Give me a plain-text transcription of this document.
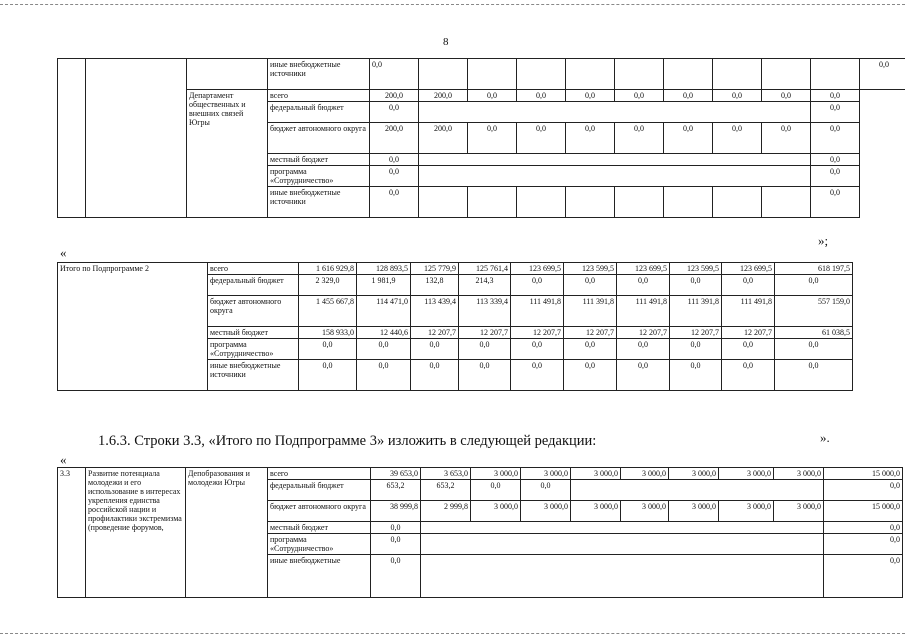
8
			иные внебюджетные источники	0,0										0,0
		Департамент общественных и внешних связей Югры	всего	200,0	200,0	0,0	0,0	0,0	0,0	0,0	0,0	0,0	0,0	
			федеральный бюджет	0,0									0,0	
			бюджет автономного округа	200,0	200,0	0,0	0,0	0,0	0,0	0,0	0,0	0,0	0,0	
			местный бюджет	0,0									0,0	
			программа «Сотрудничество»	0,0									0,0	
			иные внебюджетные источники	0,0									0,0	
«
»;
Итого по Подпрограмме 2	всего	1 616 929,8	128 893,5	125 779,9	125 761,4	123 699,5	123 599,5	123 699,5	123 599,5	123 699,5	618 197,5
	федеральный бюджет	2 329,0	1 981,9	132,8	214,3	0,0	0,0	0,0	0,0	0,0	0,0
	бюджет автономного округа	1 455 667,8	114 471,0	113 439,4	113 339,4	111 491,8	111 391,8	111 491,8	111 391,8	111 491,8	557 159,0
	местный бюджет	158 933,0	12 440,6	12 207,7	12 207,7	12 207,7	12 207,7	12 207,7	12 207,7	12 207,7	61 038,5
	программа «Сотрудничество»	0,0	0,0	0,0	0,0	0,0	0,0	0,0	0,0	0,0	0,0
	иные внебюджетные источники	0,0	0,0	0,0	0,0	0,0	0,0	0,0	0,0	0,0	0,0
».
1.6.3. Строки 3.3, «Итого по Подпрограмме 3» изложить в следующей редакции:
«
3.3	Развитие потенциала молодежи и его использование в интересах укрепления единства российской нации и профилактики экстремизма (проведение форумов,	Депобразования и молодежи Югры	всего	39 653,0	3 653,0	3 000,0	3 000,0	3 000,0	3 000,0	3 000,0	3 000,0	3 000,0	15 000,0
			федеральный бюджет	653,2	653,2	0,0	0,0						0,0
			бюджет автономного округа	38 999,8	2 999,8	3 000,0	3 000,0	3 000,0	3 000,0	3 000,0	3 000,0	3 000,0	15 000,0
			местный бюджет	0,0									0,0
			программа «Сотрудничество»	0,0									0,0
			иные внебюджетные	0,0									0,0
